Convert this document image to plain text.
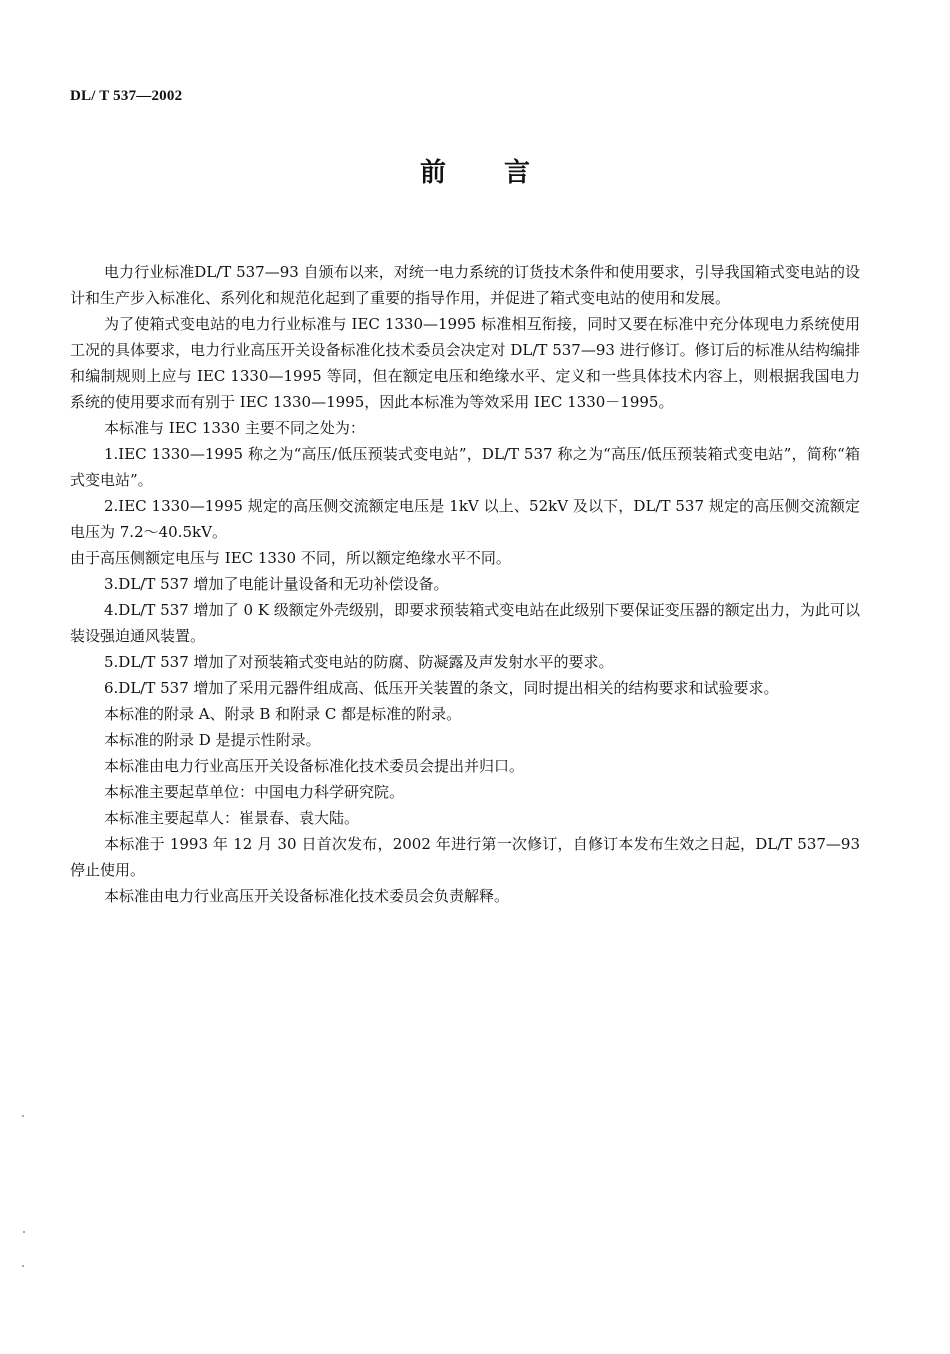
DL/ T 537—2002
前言

电力行业标准DL/T 537—93 自颁布以来，对统一电力系统的订货技术条件和使用要求，引导我国箱式变电站的设计和生产步入标准化、系列化和规范化起到了重要的指导作用，并促进了箱式变电站的使用和发展。

为了使箱式变电站的电力行业标准与 IEC 1330—1995 标准相互衔接，同时又要在标准中充分体现电力系统使用工况的具体要求，电力行业高压开关设备标准化技术委员会决定对 DL/T 537—93 进行修订。修订后的标准从结构编排和编制规则上应与 IEC 1330—1995 等同，但在额定电压和绝缘水平、定义和一些具体技术内容上，则根据我国电力系统的使用要求而有别于 IEC 1330—1995，因此本标准为等效采用 IEC 1330－1995。

本标准与 IEC 1330 主要不同之处为：

1.IEC 1330—1995 称之为“高压/低压预装式变电站”，DL/T 537 称之为“高压/低压预装箱式变电站”，简称“箱式变电站”。

2.IEC 1330—1995 规定的高压侧交流额定电压是 1kV 以上、52kV 及以下，DL/T 537 规定的高压侧交流额定电压为 7.2～40.5kV。

由于高压侧额定电压与 IEC 1330 不同，所以额定绝缘水平不同。

3.DL/T 537 增加了电能计量设备和无功补偿设备。

4.DL/T 537 增加了 0 K 级额定外壳级别，即要求预装箱式变电站在此级别下要保证变压器的额定出力，为此可以装设强迫通风装置。

5.DL/T 537 增加了对预装箱式变电站的防腐、防凝露及声发射水平的要求。

6.DL/T 537 增加了采用元器件组成高、低压开关装置的条文，同时提出相关的结构要求和试验要求。

本标准的附录 A、附录 B 和附录 C 都是标准的附录。

本标准的附录 D 是提示性附录。

本标准由电力行业高压开关设备标准化技术委员会提出并归口。

本标准主要起草单位：中国电力科学研究院。

本标准主要起草人：崔景春、袁大陆。

本标准于 1993 年 12 月 30 日首次发布，2002 年进行第一次修订，自修订本发布生效之日起，DL/T 537—93 停止使用。

本标准由电力行业高压开关设备标准化技术委员会负责解释。
